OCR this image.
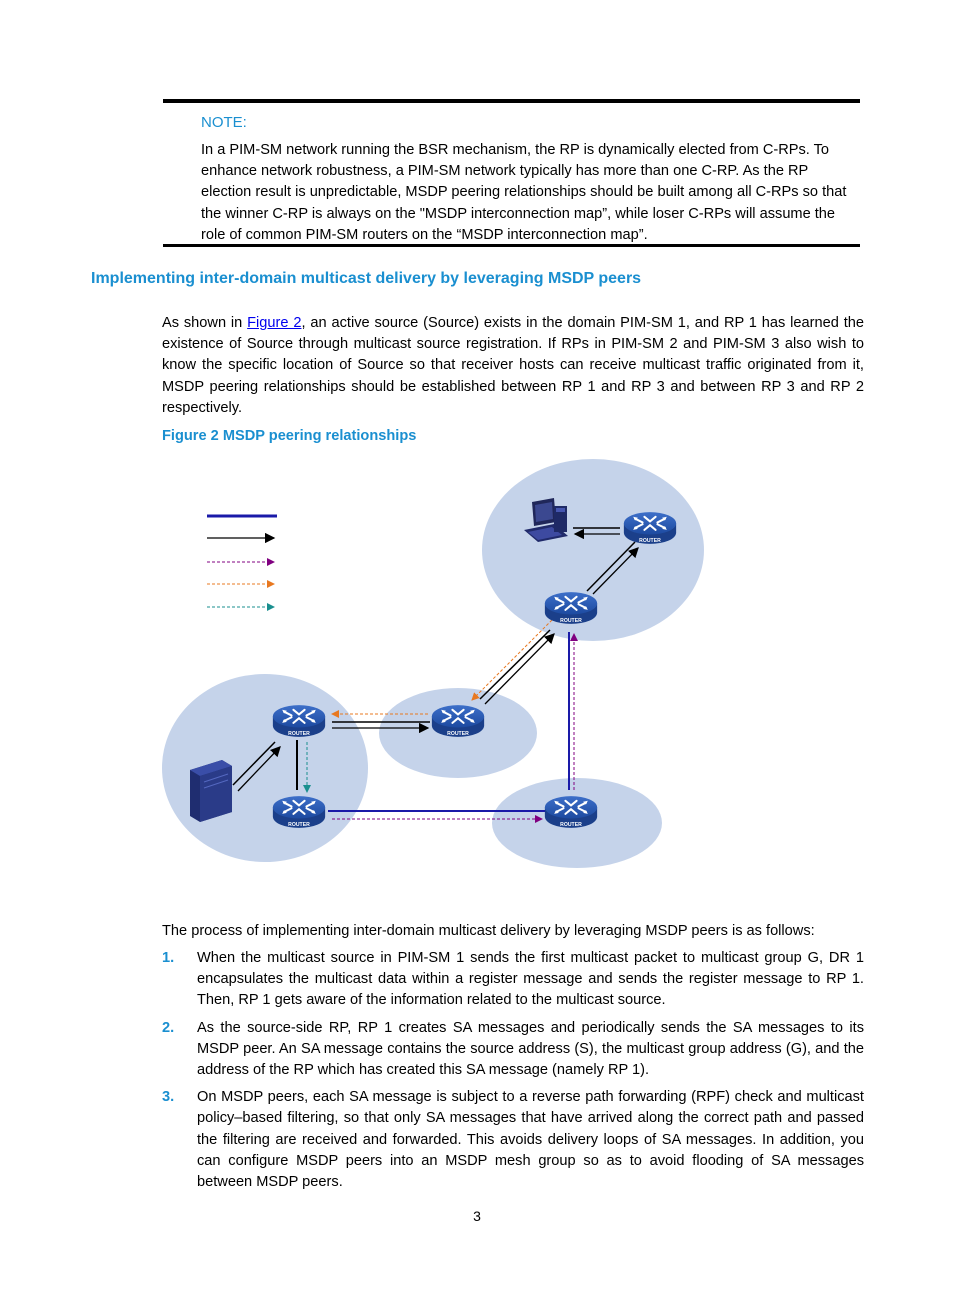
NOTE:
In a PIM-SM network running the BSR mechanism, the RP is dynamically elected from C-RPs. To enhance network robustness, a PIM-SM network typically has more than one C-RP. As the RP election result is unpredictable, MSDP peering relationships should be built among all C-RPs so that the winner C-RP is always on the "MSDP interconnection map”, while loser C-RPs will assume the role of common PIM-SM routers on the “MSDP interconnection map”.
Implementing inter-domain multicast delivery by leveraging MSDP peers
As shown in Figure 2, an active source (Source) exists in the domain PIM-SM 1, and RP 1 has learned the existence of Source through multicast source registration. If RPs in PIM-SM 2 and PIM-SM 3 also wish to know the specific location of Source so that receiver hosts can receive multicast traffic originated from it, MSDP peering relationships should be established between RP 1 and RP 3 and between RP 3 and RP 2 respectively.
Figure 2 MSDP peering relationships
ROUTER
The process of implementing inter-domain multicast delivery by leveraging MSDP peers is as follows:
1. When the multicast source in PIM-SM 1 sends the first multicast packet to multicast group G, DR 1 encapsulates the multicast data within a register message and sends the register message to RP 1. Then, RP 1 gets aware of the information related to the multicast source.
2. As the source-side RP, RP 1 creates SA messages and periodically sends the SA messages to its MSDP peer. An SA message contains the source address (S), the multicast group address (G), and the address of the RP which has created this SA message (namely RP 1).
3. On MSDP peers, each SA message is subject to a reverse path forwarding (RPF) check and multicast policy–based filtering, so that only SA messages that have arrived along the correct path and passed the filtering are received and forwarded. This avoids delivery loops of SA messages. In addition, you can configure MSDP peers into an MSDP mesh group so as to avoid flooding of SA messages between MSDP peers.
3
